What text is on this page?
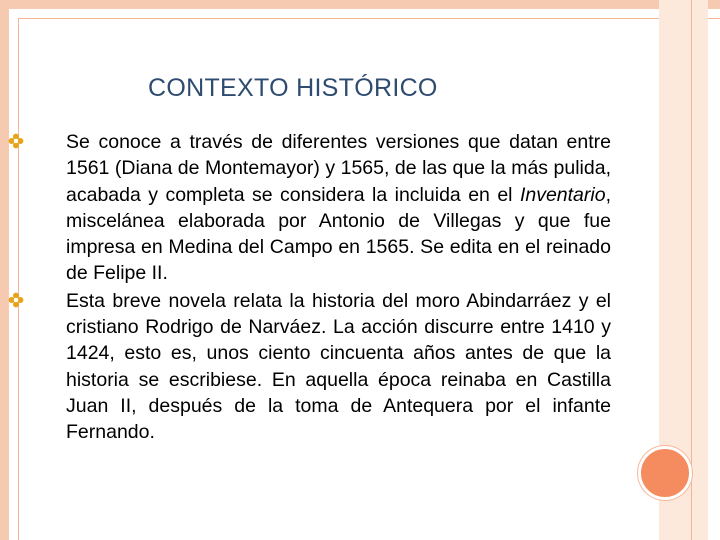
CONTEXTO HISTÓRICO

Se conoce a través de diferentes versiones que datan entre 1561 (Diana de Montemayor) y 1565, de las que la más pulida, acabada y completa se considera la incluida en el Inventario, miscelánea elaborada por Antonio de Villegas y que fue impresa en Medina del Campo en 1565. Se edita en el reinado de Felipe II.

Esta breve novela relata la historia del moro Abindarráez y el cristiano Rodrigo de Narváez. La acción discurre entre 1410 y 1424, esto es, unos ciento cincuenta años antes de que la historia se escribiese. En aquella época reinaba en Castilla Juan II, después de la toma de Antequera por el infante Fernando.
